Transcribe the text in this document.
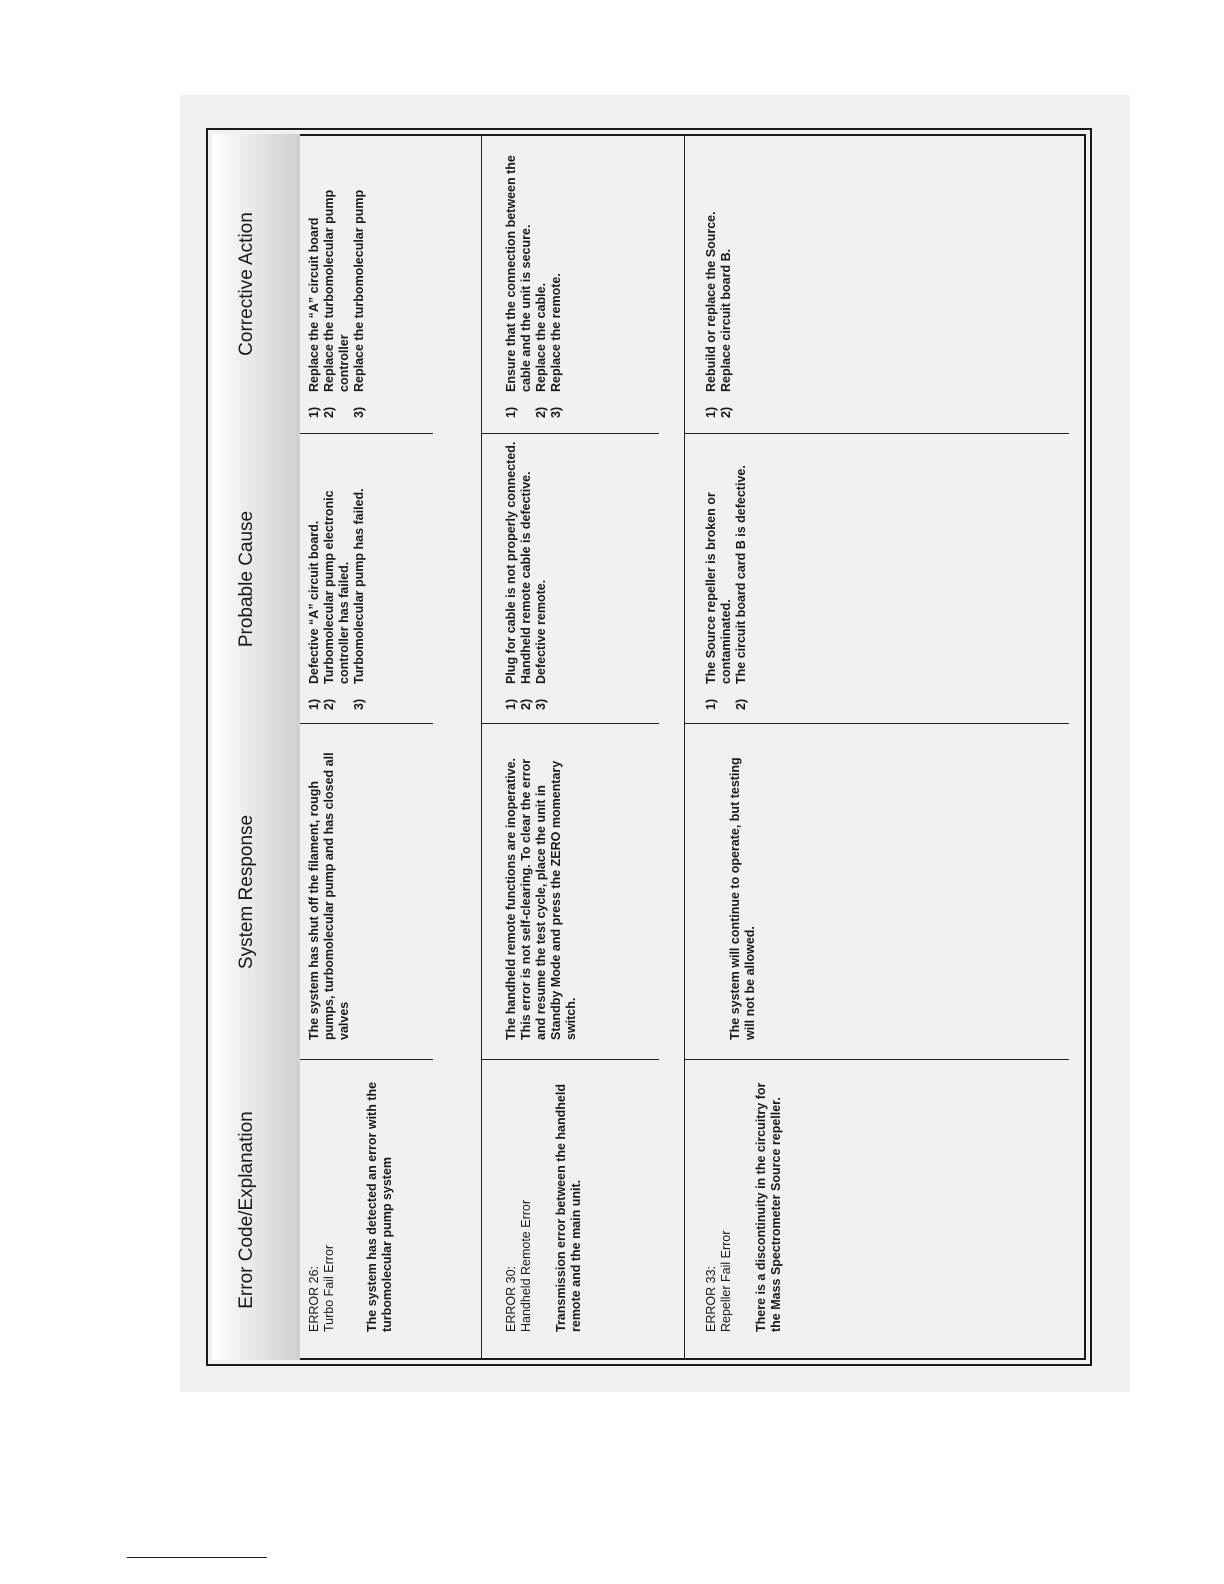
Error Code/Explanation
System Response
Probable Cause
Corrective Action

ERROR 26: Turbo Fail Error The system has detected an error with the turbomolecular pump system

The system has shut off the filament, rough pumps, turbomolecular pump and has closed all valves
1)
Defective “A” circuit board.
2)
Turbomolecular pump electronic controller has failed.
3)
Turbomolecular pump has failed.
1)
Replace the “A” circuit board
2)
Replace the turbomolecular pump controller
3)
Replace the turbomolecular pump

ERROR 30: Handheld Remote Error Transmission error between the handheld remote and the main unit.

The handheld remote functions are inoperative. This error is not self-clearing. To clear the error and resume the test cycle, place the unit in Standby Mode and press the ZERO momentary switch.
1)
Plug for cable is not properly connected.
2)
Handheld remote cable is defective.
3)
Defective remote.
1)
Ensure that the connection between the cable and the unit is secure.
2)
Replace the cable.
3)
Replace the remote.

ERROR 33: Repeller Fail Error There is a discontinuity in the circuitry for the Mass Spectrometer Source repeller.

The system will continue to operate, but testing will not be allowed.
1)
The Source repeller is broken or contaminated.
2)
The circuit board card B is defective.
1)
Rebuild or replace the Source.
2)
Replace circuit board B.
